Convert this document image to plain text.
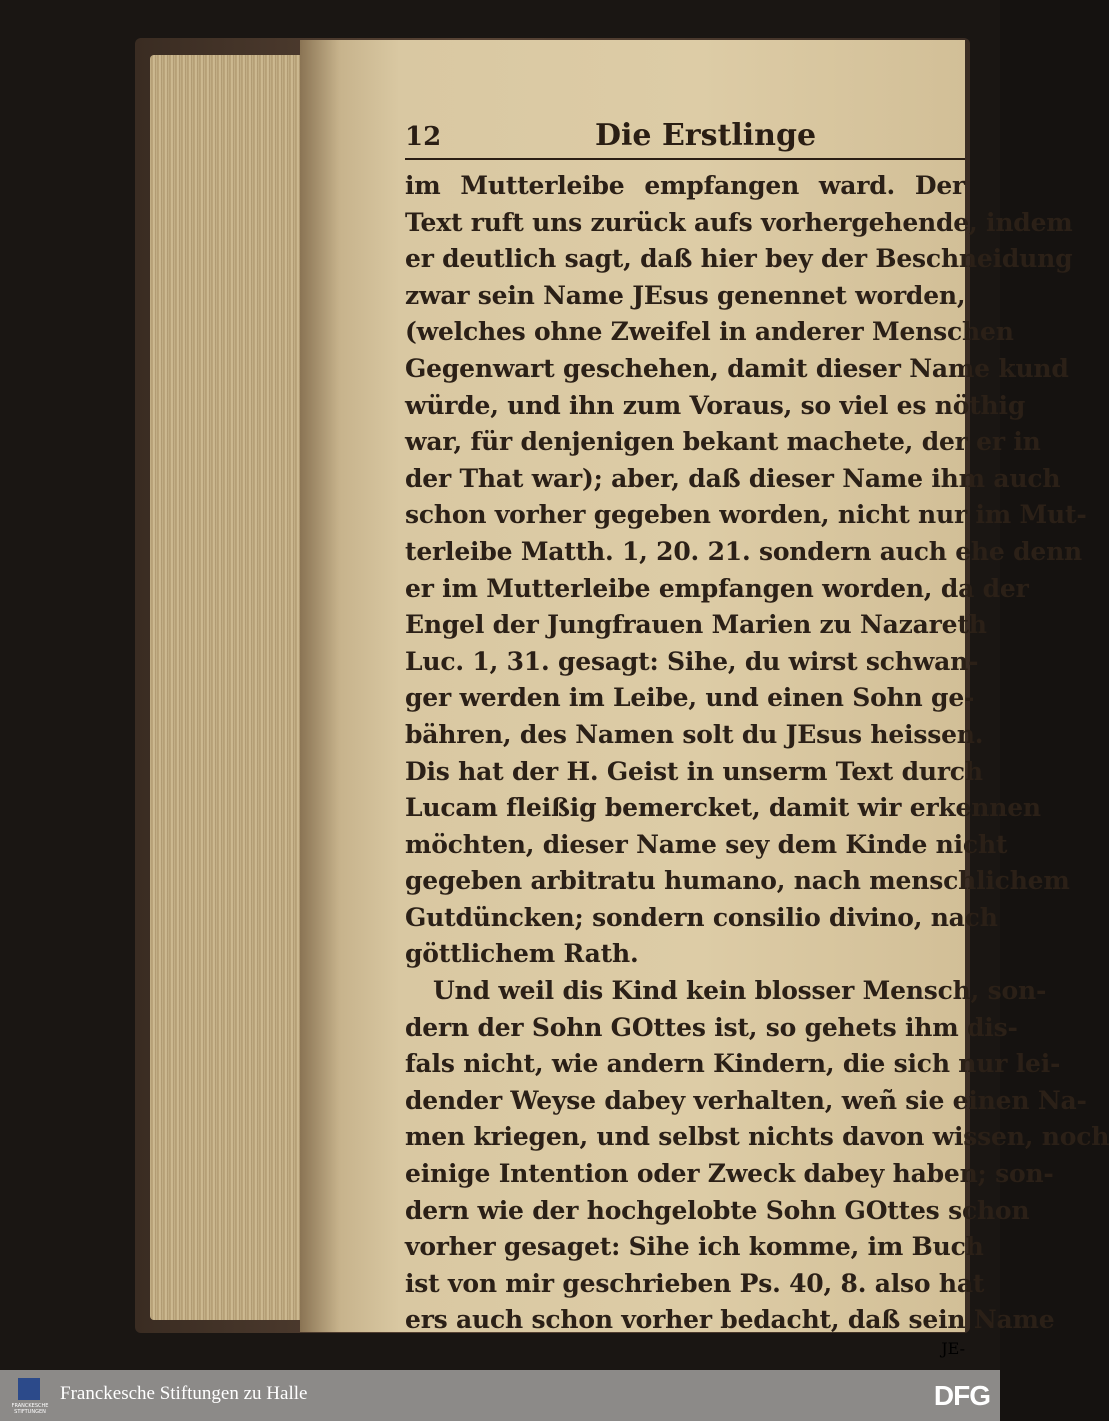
12	Die Erstlinge
im Mutterleibe empfangen ward. Der
Text ruft uns zurück aufs vorhergehende, indem
er deutlich sagt, daß hier bey der Beschneidung
zwar sein Name JEsus genennet worden,
(welches ohne Zweifel in anderer Menschen
Gegenwart geschehen, damit dieser Name kund
würde, und ihn zum Voraus, so viel es nöthig
war, für denjenigen bekant machete, der er in
der That war); aber, daß dieser Name ihm auch
schon vorher gegeben worden, nicht nur im Mut-
terleibe Matth. 1, 20. 21. sondern auch ehe denn
er im Mutterleibe empfangen worden, da der
Engel der Jungfrauen Marien zu Nazareth
Luc. 1, 31. gesagt: Sihe, du wirst schwan-
ger werden im Leibe, und einen Sohn ge-
bähren, des Namen solt du JEsus heissen.
Dis hat der H. Geist in unserm Text durch
Lucam fleißig bemercket, damit wir erkennen
möchten, dieser Name sey dem Kinde nicht
gegeben arbitratu humano, nach menschlichem
Gutdüncken; sondern consilio divino, nach
göttlichem Rath.
Und weil dis Kind kein blosser Mensch, son-
dern der Sohn GOttes ist, so gehets ihm dis-
fals nicht, wie andern Kindern, die sich nur lei-
dender Weyse dabey verhalten, weñ sie einen Na-
men kriegen, und selbst nichts davon wissen, noch
einige Intention oder Zweck dabey haben; son-
dern wie der hochgelobte Sohn GOttes schon
vorher gesaget: Sihe ich komme, im Buch
ist von mir geschrieben Ps. 40, 8. also hat
ers auch schon vorher bedacht, daß sein Name
JE-
FRANCKESCHE STIFTUNGEN
Franckesche Stiftungen zu Halle	DFG
